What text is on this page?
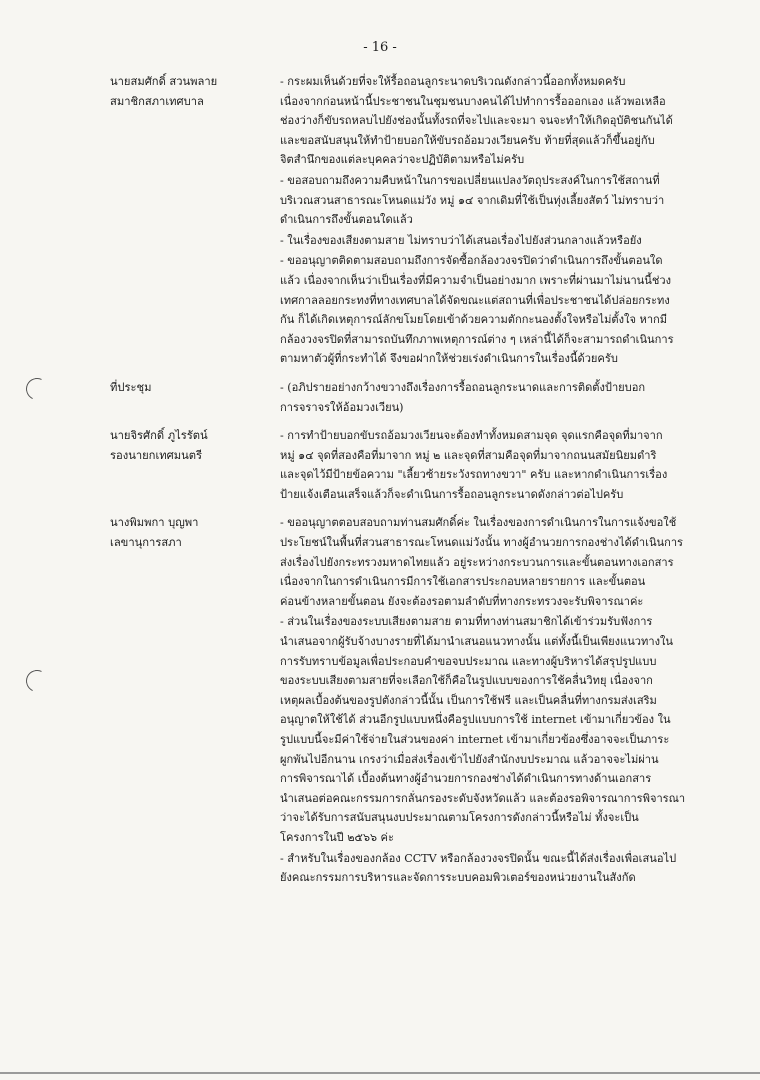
- 16 -
นายสมศักดิ์ สวนพลาย
สมาชิกสภาเทศบาล
- กระผมเห็นด้วยที่จะให้รื้อถอนลูกระนาดบริเวณดังกล่าวนี้ออกทั้งหมดครับ
เนื่องจากก่อนหน้านี้ประชาชนในชุมชนบางคนได้ไปทำการรื้อออกเอง แล้วพอเหลือ
ช่องว่างก็ขับรถหลบไปยังช่องนั้นทั้งรถที่จะไปและจะมา จนจะทำให้เกิดอุบัติชนกันได้
และขอสนับสนุนให้ทำป้ายบอกให้ขับรถอ้อมวงเวียนครับ ท้ายที่สุดแล้วก็ขึ้นอยู่กับ
จิตสำนึกของแต่ละบุคคลว่าจะปฏิบัติตามหรือไม่ครับ
- ขอสอบถามถึงความคืบหน้าในการขอเปลี่ยนแปลงวัตถุประสงค์ในการใช้สถานที่
บริเวณสวนสาธารณะโหนดแม่วัง หมู่ ๑๔ จากเดิมที่ใช้เป็นทุ่งเลี้ยงสัตว์ ไม่ทราบว่า
ดำเนินการถึงขั้นตอนใดแล้ว
- ในเรื่องของเสียงตามสาย ไม่ทราบว่าได้เสนอเรื่องไปยังส่วนกลางแล้วหรือยัง
- ขออนุญาตติดตามสอบถามถึงการจัดซื้อกล้องวงจรปิดว่าดำเนินการถึงขั้นตอนใด
แล้ว เนื่องจากเห็นว่าเป็นเรื่องที่มีความจำเป็นอย่างมาก เพราะที่ผ่านมาไม่นานนี้ช่วง
เทศกาลลอยกระทงที่ทางเทศบาลได้จัดขณะแต่สถานที่เพื่อประชาชนได้ปล่อยกระทง
กัน ก็ได้เกิดเหตุการณ์ลักขโมยโดยเข้าด้วยความตักกะนองตั้งใจหรือไม่ตั้งใจ หากมี
กล้องวงจรปิดที่สามารถบันทึกภาพเหตุการณ์ต่าง ๆ เหล่านี้ได้ก็จะสามารถดำเนินการ
ตามหาตัวผู้ที่กระทำได้ จึงขอฝากให้ช่วยเร่งดำเนินการในเรื่องนี้ด้วยครับ
ที่ประชุม	- (อภิปรายอย่างกว้างขวางถึงเรื่องการรื้อถอนลูกระนาดและการติดตั้งป้ายบอก
การจราจรให้อ้อมวงเวียน)
นายจิรศักดิ์ ภูไรรัตน์
รองนายกเทศมนตรี
- การทำป้ายบอกขับรถอ้อมวงเวียนจะต้องทำทั้งหมดสามจุด จุดแรกคือจุดที่มาจาก
หมู่ ๑๔ จุดที่สองคือที่มาจาก หมู่ ๒ และจุดที่สามคือจุดที่มาจากถนนสมัยนิยมดำริ
และจุดไว้มีป้ายข้อความ "เลี้ยวซ้ายระวังรถทางขวา" ครับ และหากดำเนินการเรื่อง
ป้ายแจ้งเตือนเสร็จแล้วก็จะดำเนินการรื้อถอนลูกระนาดดังกล่าวต่อไปครับ
นางพิมพกา บุญพา
เลขานุการสภา
- ขออนุญาตตอบสอบถามท่านสมศักดิ์ค่ะ ในเรื่องของการดำเนินการในการแจ้งขอใช้
ประโยชน์ในพื้นที่สวนสาธารณะโหนดแม่วังนั้น ทางผู้อำนวยการกองช่างได้ดำเนินการ
ส่งเรื่องไปยังกระทรวงมหาดไทยแล้ว อยู่ระหว่างกระบวนการและขั้นตอนทางเอกสาร
เนื่องจากในการดำเนินการมีการใช้เอกสารประกอบหลายรายการ และขั้นตอน
ค่อนข้างหลายขั้นตอน ยังจะต้องรอตามลำดับที่ทางกระทรวงจะรับพิจารณาค่ะ
- ส่วนในเรื่องของระบบเสียงตามสาย ตามที่ทางท่านสมาชิกได้เข้าร่วมรับฟังการ
นำเสนอจากผู้รับจ้างบางรายที่ได้มานำเสนอแนวทางนั้น แต่ทั้งนี้เป็นเพียงแนวทางใน
การรับทราบข้อมูลเพื่อประกอบคำขอจบประมาณ และทางผู้บริหารได้สรุปรูปแบบ
ของระบบเสียงตามสายที่จะเลือกใช้ก็คือในรูปแบบของการใช้คลื่นวิทยุ เนื่องจาก
เหตุผลเบื้องต้นของรูปตังกล่าวนี้นั้น เป็นการใช้ฟรี และเป็นคลื่นที่ทางกรมส่งเสริม
อนุญาตให้ใช้ได้ ส่วนอีกรูปแบบหนึ่งคือรูปแบบการใช้ internet เข้ามาเกี่ยวข้อง ใน
รูปแบบนี้จะมีค่าใช้จ่ายในส่วนของค่า internet เข้ามาเกี่ยวข้องซึ่งอาจจะเป็นภาระ
ผูกพันไปอีกนาน เกรงว่าเมื่อส่งเรื่องเข้าไปยังสำนักงบประมาณ แล้วอาจจะไม่ผ่าน
การพิจารณาได้ เบื้องต้นทางผู้อำนวยการกองช่างได้ดำเนินการทางด้านเอกสาร
นำเสนอต่อคณะกรรมการกลั่นกรองระดับจังหวัดแล้ว และต้องรอพิจารณาการพิจารณา
ว่าจะได้รับการสนับสนุนงบประมาณตามโครงการดังกล่าวนี้หรือไม่ ทั้งจะเป็น
โครงการในปี ๒๕๖๖ ค่ะ
- สำหรับในเรื่องของกล้อง CCTV หรือกล้องวงจรปิดนั้น ขณะนี้ได้ส่งเรื่องเพื่อเสนอไป
ยังคณะกรรมการบริหารและจัดการระบบคอมพิวเตอร์ของหน่วยงานในสังกัด
